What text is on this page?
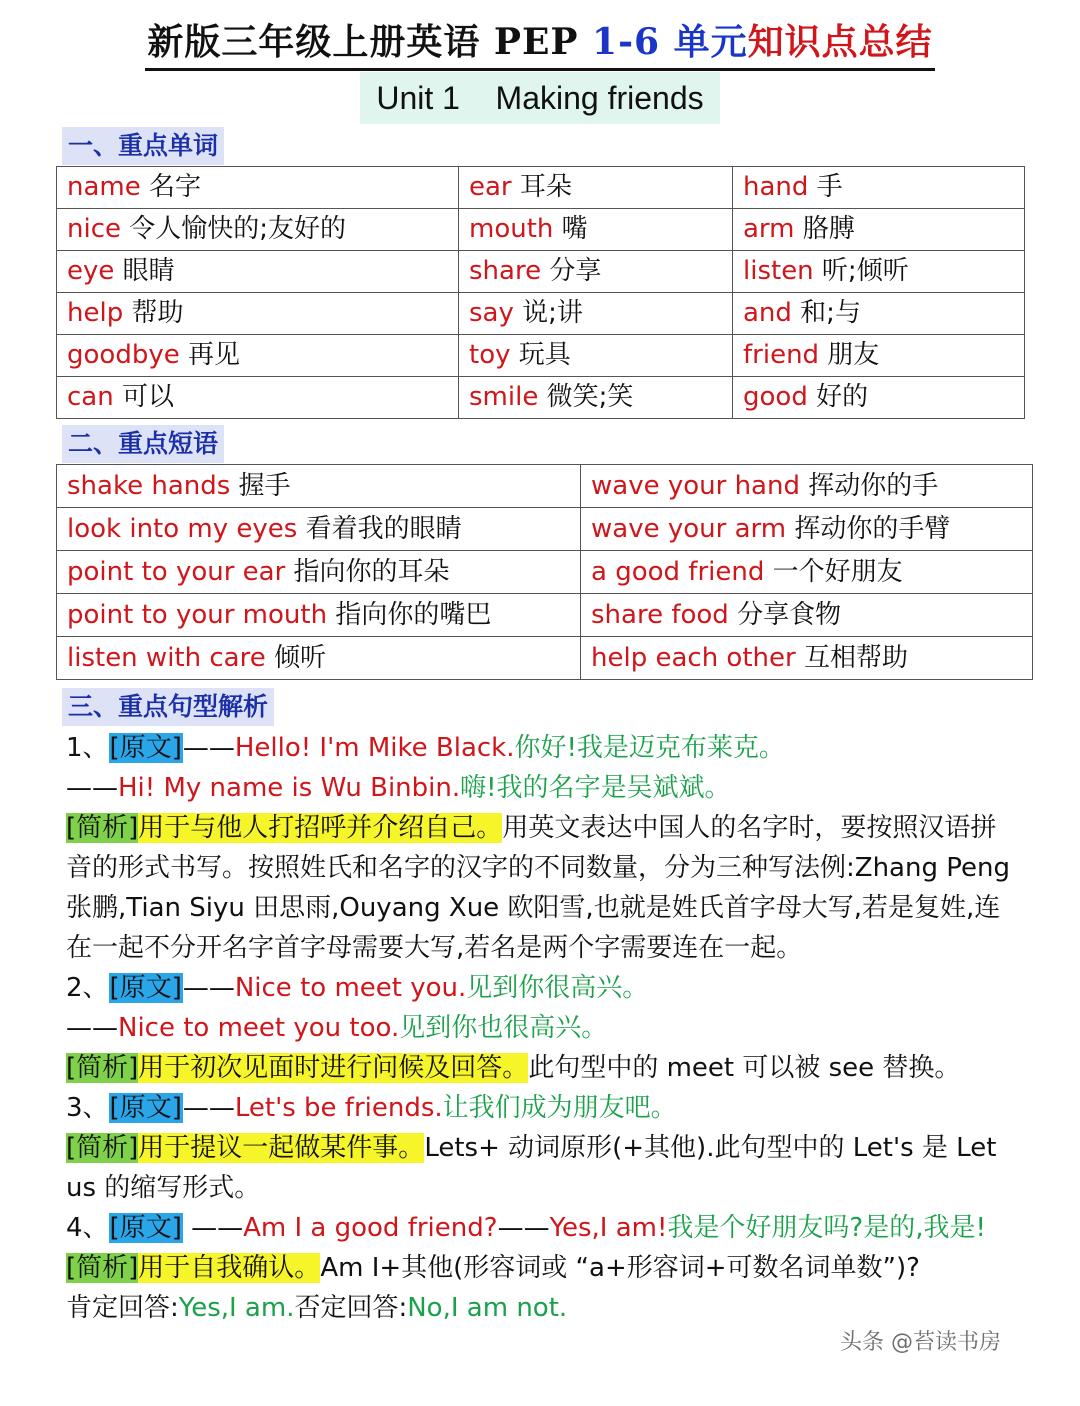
新版三年级上册英语 PEP 1-6 单元知识点总结
Unit 1    Making friends
一、重点单词
name 名字	ear 耳朵	hand 手
nice 令人愉快的;友好的	mouth 嘴	arm 胳膊
eye 眼睛	share 分享	listen 听;倾听
help 帮助	say 说;讲	and 和;与
goodbye 再见	toy 玩具	friend 朋友
can 可以	smile 微笑;笑	good 好的
二、重点短语
shake hands 握手	wave your hand 挥动你的手
look into my eyes 看着我的眼睛	wave your arm 挥动你的手臂
point to your ear 指向你的耳朵	a good friend 一个好朋友
point to your mouth 指向你的嘴巴	share food 分享食物
listen with care 倾听	help each other 互相帮助
三、重点句型解析
1、[原文]——Hello! I'm Mike Black.你好!我是迈克布莱克。
——Hi! My name is Wu Binbin.嗨!我的名字是吴斌斌。
[简析]用于与他人打招呼并介绍自己。用英文表达中国人的名字时，要按照汉语拼音的形式书写。按照姓氏和名字的汉字的不同数量，分为三种写法例:Zhang Peng 张鹏,Tian Siyu 田思雨,Ouyang Xue 欧阳雪,也就是姓氏首字母大写,若是复姓,连在一起不分开名字首字母需要大写,若名是两个字需要连在一起。
2、[原文]——Nice to meet you.见到你很高兴。
——Nice to meet you too.见到你也很高兴。
[简析]用于初次见面时进行问候及回答。此句型中的 meet 可以被 see 替换。
3、[原文]——Let's be friends.让我们成为朋友吧。
[简析]用于提议一起做某件事。Lets+ 动词原形(+其他).此句型中的 Let's 是 Let us 的缩写形式。
4、[原文] ——Am I a good friend?——Yes,I am!我是个好朋友吗?是的,我是!
[简析]用于自我确认。Am I+其他(形容词或 “a+形容词+可数名词单数”)?
肯定回答:Yes,I am.否定回答:No,I am not.
头条 @苔读书房
